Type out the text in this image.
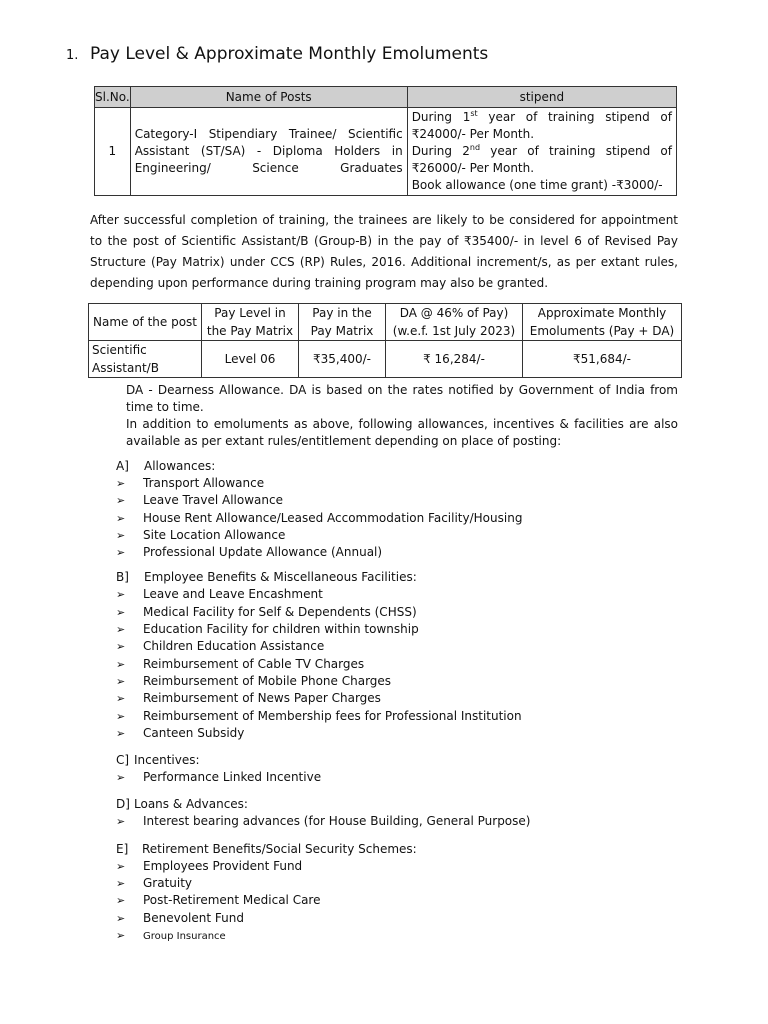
1. Pay Level & Approximate Monthly Emoluments
Sl.No.	Name of Posts	stipend
1	Category-I Stipendiary Trainee/ Scientific Assistant (ST/SA) - Diploma Holders in Engineering/ Science Graduates	During 1st year of training stipend of ₹24000/- Per Month.
During 2nd year of training stipend of ₹26000/- Per Month.
Book allowance (one time grant) -₹3000/-
After successful completion of training, the trainees are likely to be considered for appointment to the post of Scientific Assistant/B (Group-B) in the pay of ₹35400/- in level 6 of Revised Pay Structure (Pay Matrix) under CCS (RP) Rules, 2016. Additional increment/s, as per extant rules, depending upon performance during training program may also be granted.
Name of the post	Pay Level in the Pay Matrix	Pay in the Pay Matrix	DA @ 46% of Pay) (w.e.f. 1st July 2023)	Approximate Monthly Emoluments (Pay + DA)
Scientific Assistant/B	Level 06	₹35,400/-	₹ 16,284/-	₹51,684/-
DA - Dearness Allowance. DA is based on the rates notified by Government of India from time to time.
In addition to emoluments as above, following allowances, incentives & facilities are also available as per extant rules/entitlement depending on place of posting:
A] Allowances:
➢ Transport Allowance
➢ Leave Travel Allowance
➢ House Rent Allowance/Leased Accommodation Facility/Housing
➢ Site Location Allowance
➢ Professional Update Allowance (Annual)
B] Employee Benefits & Miscellaneous Facilities:
➢ Leave and Leave Encashment
➢ Medical Facility for Self & Dependents (CHSS)
➢ Education Facility for children within township
➢ Children Education Assistance
➢ Reimbursement of Cable TV Charges
➢ Reimbursement of Mobile Phone Charges
➢ Reimbursement of News Paper Charges
➢ Reimbursement of Membership fees for Professional Institution
➢ Canteen Subsidy
C] Incentives:
➢ Performance Linked Incentive
D] Loans & Advances:
➢ Interest bearing advances (for House Building, General Purpose)
E] Retirement Benefits/Social Security Schemes:
➢ Employees Provident Fund
➢ Gratuity
➢ Post-Retirement Medical Care
➢ Benevolent Fund
➢ Group Insurance
